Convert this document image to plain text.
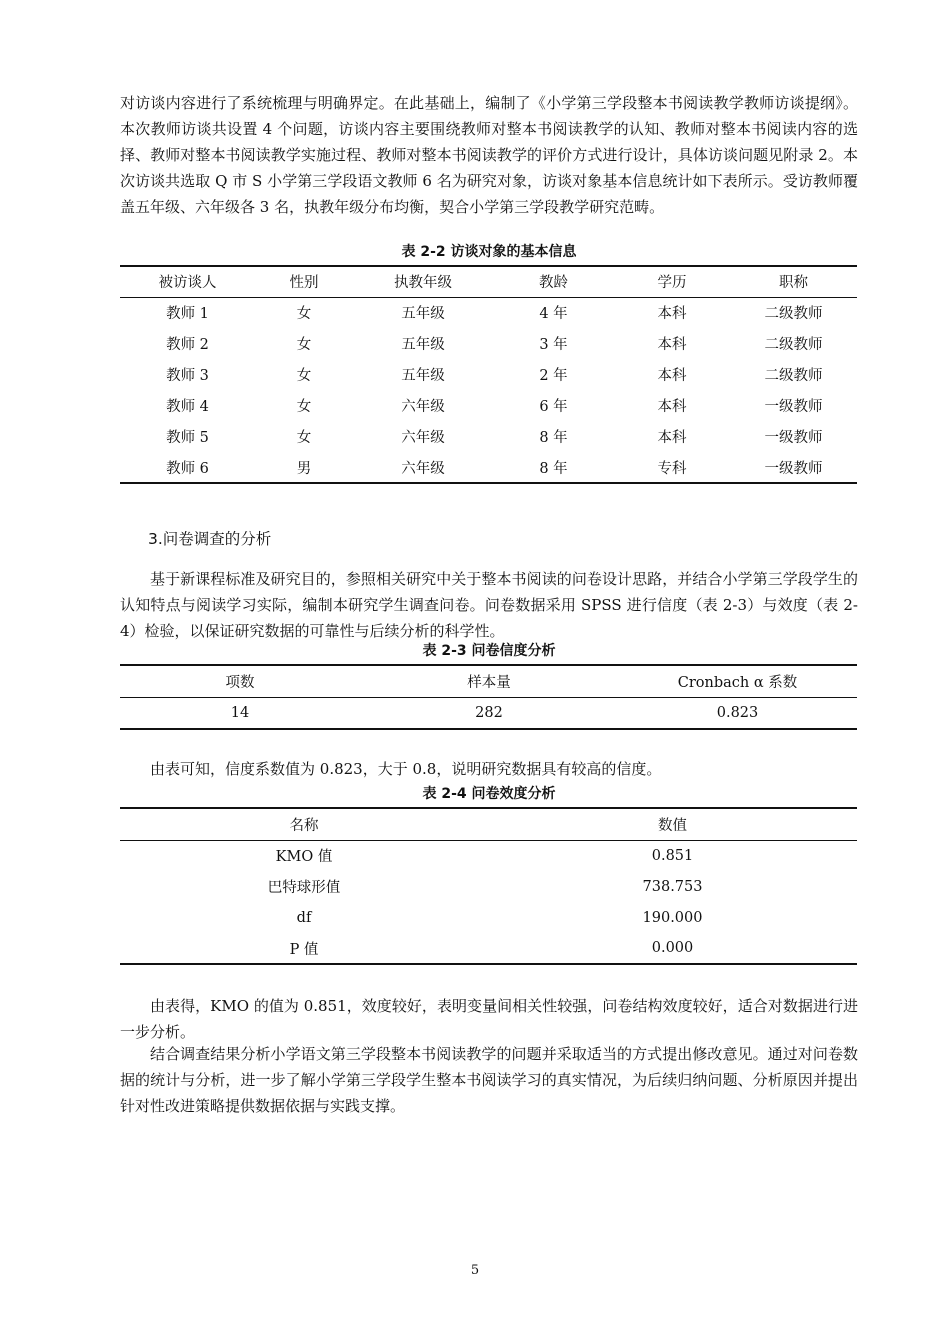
对访谈内容进行了系统梳理与明确界定。在此基础上，编制了《小学第三学段整本书阅读教学教师访谈提纲》。本次教师访谈共设置 4 个问题，访谈内容主要围绕教师对整本书阅读教学的认知、教师对整本书阅读内容的选择、教师对整本书阅读教学实施过程、教师对整本书阅读教学的评价方式进行设计，具体访谈问题见附录 2。本次访谈共选取 Q 市 S 小学第三学段语文教师 6 名为研究对象，访谈对象基本信息统计如下表所示。受访教师覆盖五年级、六年级各 3 名，执教年级分布均衡，契合小学第三学段教学研究范畴。

表 2-2 访谈对象的基本信息
被访谈人	性别	执教年级	教龄	学历	职称
教师 1	女	五年级	4 年	本科	二级教师
教师 2	女	五年级	3 年	本科	二级教师
教师 3	女	五年级	2 年	本科	二级教师
教师 4	女	六年级	6 年	本科	一级教师
教师 5	女	六年级	8 年	本科	一级教师
教师 6	男	六年级	8 年	专科	一级教师
3.问卷调查的分析

基于新课程标准及研究目的，参照相关研究中关于整本书阅读的问卷设计思路，并结合小学第三学段学生的认知特点与阅读学习实际，编制本研究学生调查问卷。问卷数据采用 SPSS 进行信度（表 2-3）与效度（表 2-4）检验，以保证研究数据的可靠性与后续分析的科学性。

表 2-3 问卷信度分析
项数	样本量	Cronbach α 系数
14	282	0.823

由表可知，信度系数值为 0.823，大于 0.8，说明研究数据具有较高的信度。

表 2-4 问卷效度分析
名称	数值
KMO 值	0.851
巴特球形值	738.753
df	190.000
P 值	0.000

由表得，KMO 的值为 0.851，效度较好，表明变量间相关性较强，问卷结构效度较好，适合对数据进行进一步分析。

结合调查结果分析小学语文第三学段整本书阅读教学的问题并采取适当的方式提出修改意见。通过对问卷数据的统计与分析，进一步了解小学第三学段学生整本书阅读学习的真实情况，为后续归纳问题、分析原因并提出针对性改进策略提供数据依据与实践支撑。

5
